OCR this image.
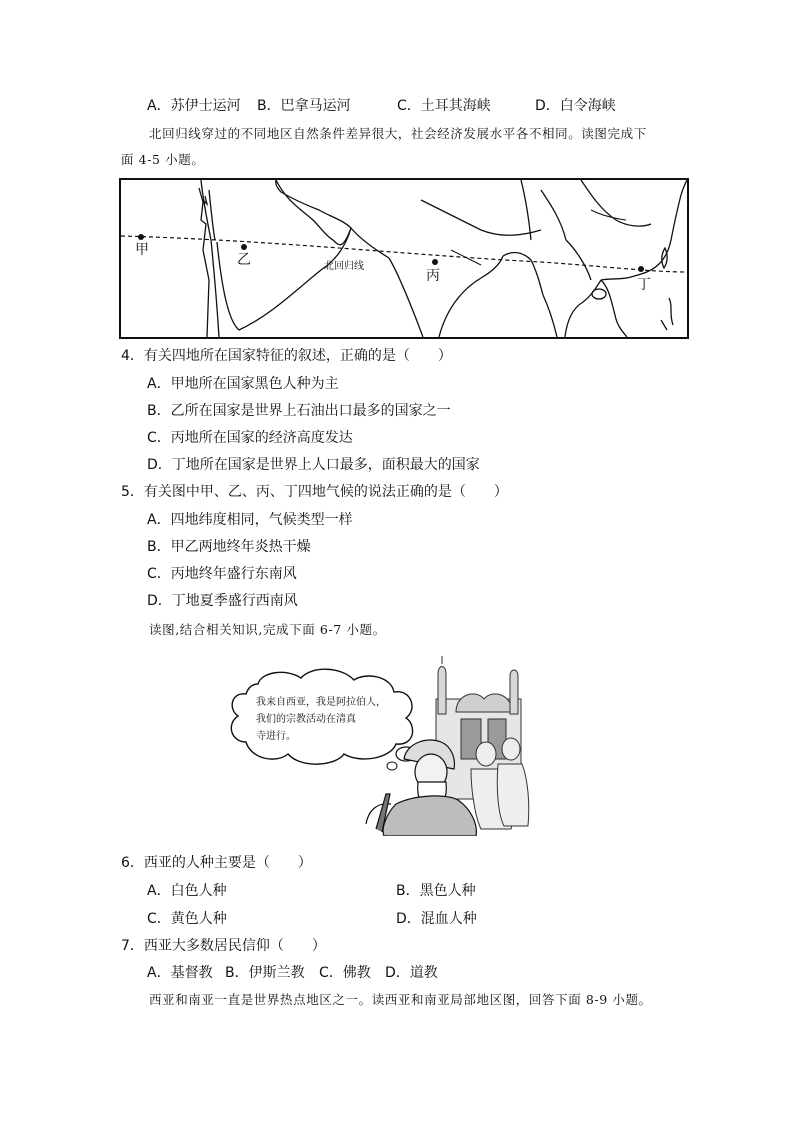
A．苏伊士运河 B．巴拿马运河	C．土耳其海峡	D．白令海峡
北回归线穿过的不同地区自然条件差异很大，社会经济发展水平各不相同。读图完成下
面 4-5 小题。
甲
乙	北回归线
丙
丁
4．有关四地所在国家特征的叙述，正确的是（　　）
A．甲地所在国家黑色人种为主
B．乙所在国家是世界上石油出口最多的国家之一
C．丙地所在国家的经济高度发达
D．丁地所在国家是世界上人口最多，面积最大的国家
5．有关图中甲、乙、丙、丁四地气候的说法正确的是（　　）
A．四地纬度相同，气候类型一样
B．甲乙两地终年炎热干燥
C．丙地终年盛行东南风
D．丁地夏季盛行西南风
读图,结合相关知识,完成下面 6-7 小题。
我来自西亚，我是阿拉伯人，
我们的宗教活动在清真
寺进行。
6．西亚的人种主要是（　　）
A．白色人种	B．黑色人种
C．黄色人种	D．混血人种
7．西亚大多数居民信仰（　　）
A．基督教 B．伊斯兰教 C．佛教 D．道教
西亚和南亚一直是世界热点地区之一。读西亚和南亚局部地区图，回答下面 8-9 小题。
